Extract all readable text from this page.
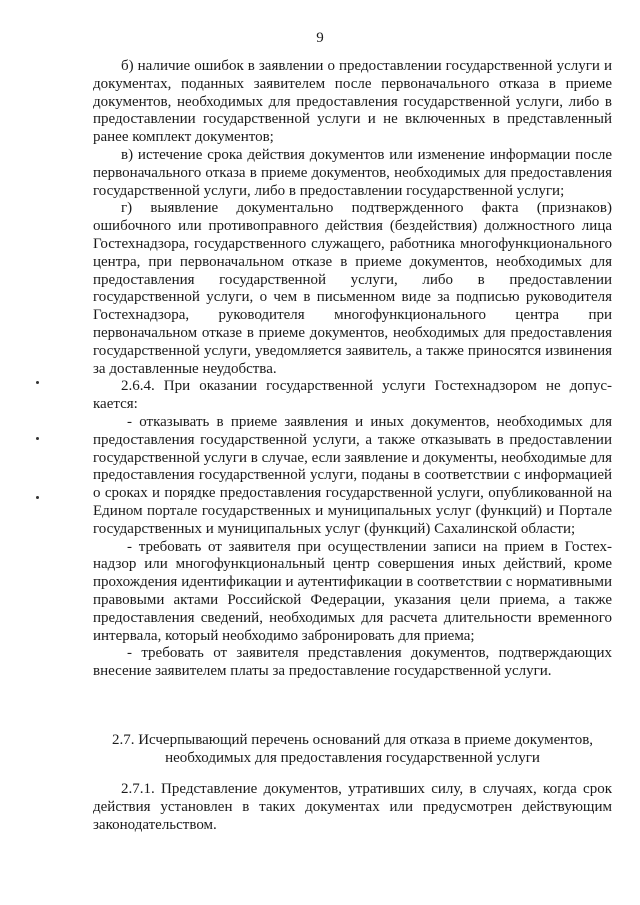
9

б) наличие ошибок в заявлении о предоставлении государственной услуги и документах, поданных заявителем после первоначального отказа в приеме документов, необходимых для предоставления государственной услуги, либо в предоставлении государственной услуги и не включенных в представленный ранее комплект документов;

в) истечение срока действия документов или изменение информации после первоначального отказа в приеме документов, необходимых для предоставления государственной услуги, либо в предоставлении государственной услуги;

г) выявление документально подтвержденного факта (признаков) ошибочного или противоправного действия (бездействия) должностного лица Гостехнадзора, государственного служащего, работника многофункционального центра, при первоначальном отказе в приеме документов, необходимых для предоставления государственной услуги, либо в предоставлении государственной услуги, о чем в письменном виде за подписью руководителя Гостехнадзора, руководителя многофункционального центра при первоначальном отказе в приеме документов, необходимых для предоставления государственной услуги, уведомляется заявитель, а также приносятся извинения за доставленные неудобства.

2.6.4. При оказании государственной услуги Гостехнадзором не допускается:

- отказывать в приеме заявления и иных документов, необходимых для предоставления государственной услуги, а также отказывать в предоставлении государственной услуги в случае, если заявление и документы, необходимые для предоставления государственной услуги, поданы в соответствии с информацией о сроках и порядке предоставления государственной услуги, опубликованной на Едином портале государственных и муниципальных услуг (функций) и Портале государственных и муниципальных услуг (функций) Сахалинской области;

- требовать от заявителя при осуществлении записи на прием в Гостехнадзор или многофункциональный центр совершения иных действий, кроме прохождения идентификации и аутентификации в соответствии с нормативными правовыми актами Российской Федерации, указания цели приема, а также предоставления сведений, необходимых для расчета длительности временного интервала, который необходимо забронировать для приема;

- требовать от заявителя представления документов, подтверждающих внесение заявителем платы за предоставление государственной услуги.

2.7. Исчерпывающий перечень оснований для отказа в приеме документов, необходимых для предоставления государственной услуги

2.7.1. Представление документов, утративших силу, в случаях, когда срок действия установлен в таких документах или предусмотрен действующим законодательством.
